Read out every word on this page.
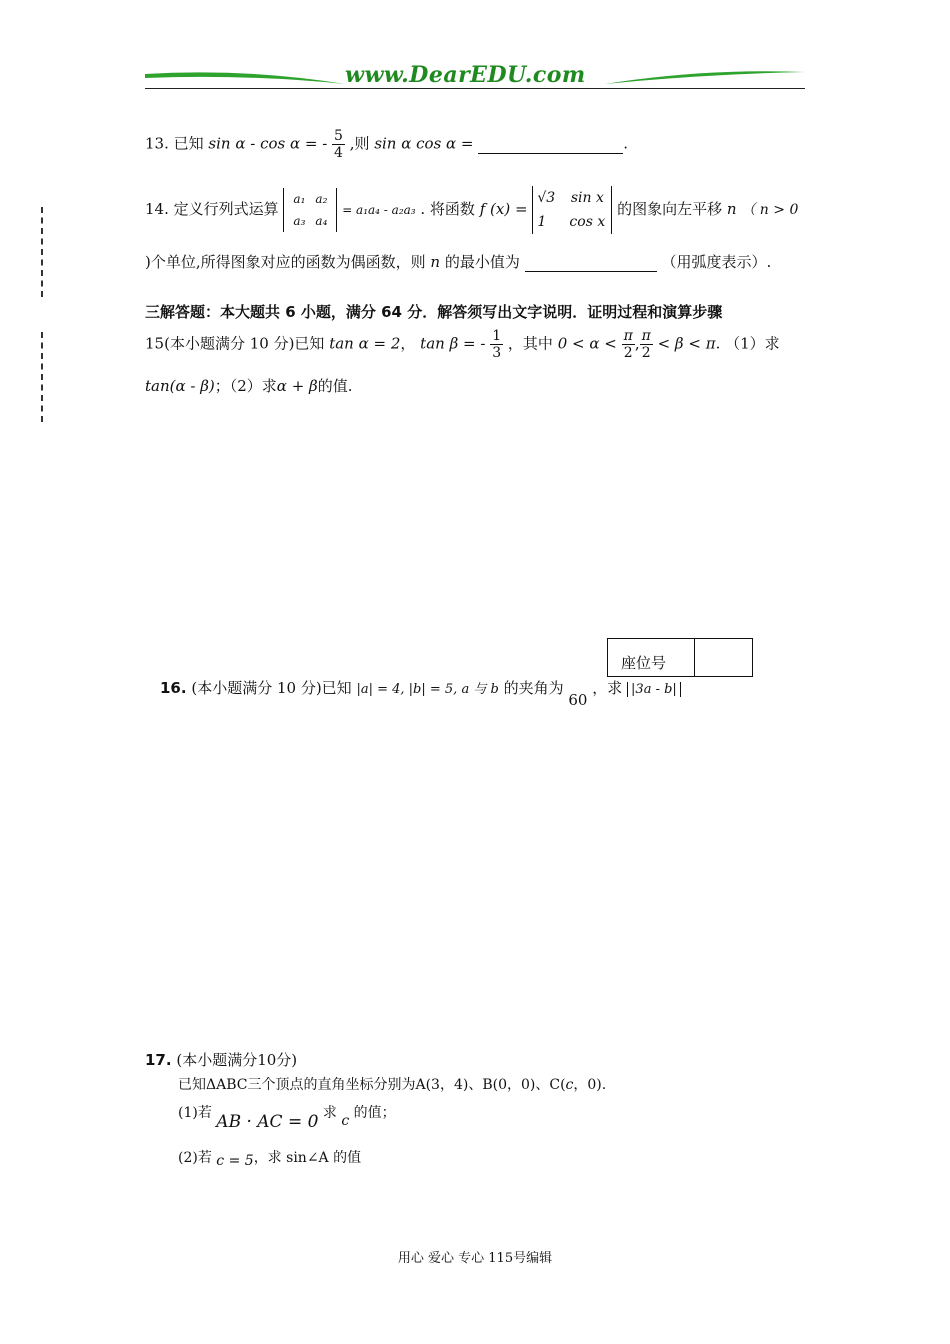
www.DearEDU.com
13. 已知 sin α - cos α = - $\frac{5}{4}$ ,则 sin α cos α =	.
14. 定义行列式运算
a₁ a₂
a₃ a₄
= a₁a₄ - a₂a₃ . 将函数 f (x) =
√3 sin x
1 cos x
的图象向左平移 n （ n > 0
)个单位,所得图象对应的函数为偶函数，则 n 的最小值为	（用弧度表示）.
三解答题：本大题共 6 小题，满分 64 分．解答须写出文字说明．证明过程和演算步骤
15(本小题满分 10 分)已知 tan α = 2， tan β = - $\frac{1}{3}$ ，其中 $0 < \alpha < \frac{\pi}{2}$ , $\frac{\pi}{2} < \beta < \pi$. （1）求
tan(α - β)；（2）求α + β的值.
座位号
16. (本小题满分 10 分)已知 |a| = 4, |b| = 5, a 与 b 的夹角为 60 ，求 |3a - b|
17. (本小题满分10分)
已知ΔABC三个顶点的直角坐标分别为A(3，4)、B(0，0)、C(c，0).
(1)若 AB · AC = 0 求 c 的值；
(2)若 c = 5，求 sin∠A 的值
用心 爱心 专心 115号编辑
